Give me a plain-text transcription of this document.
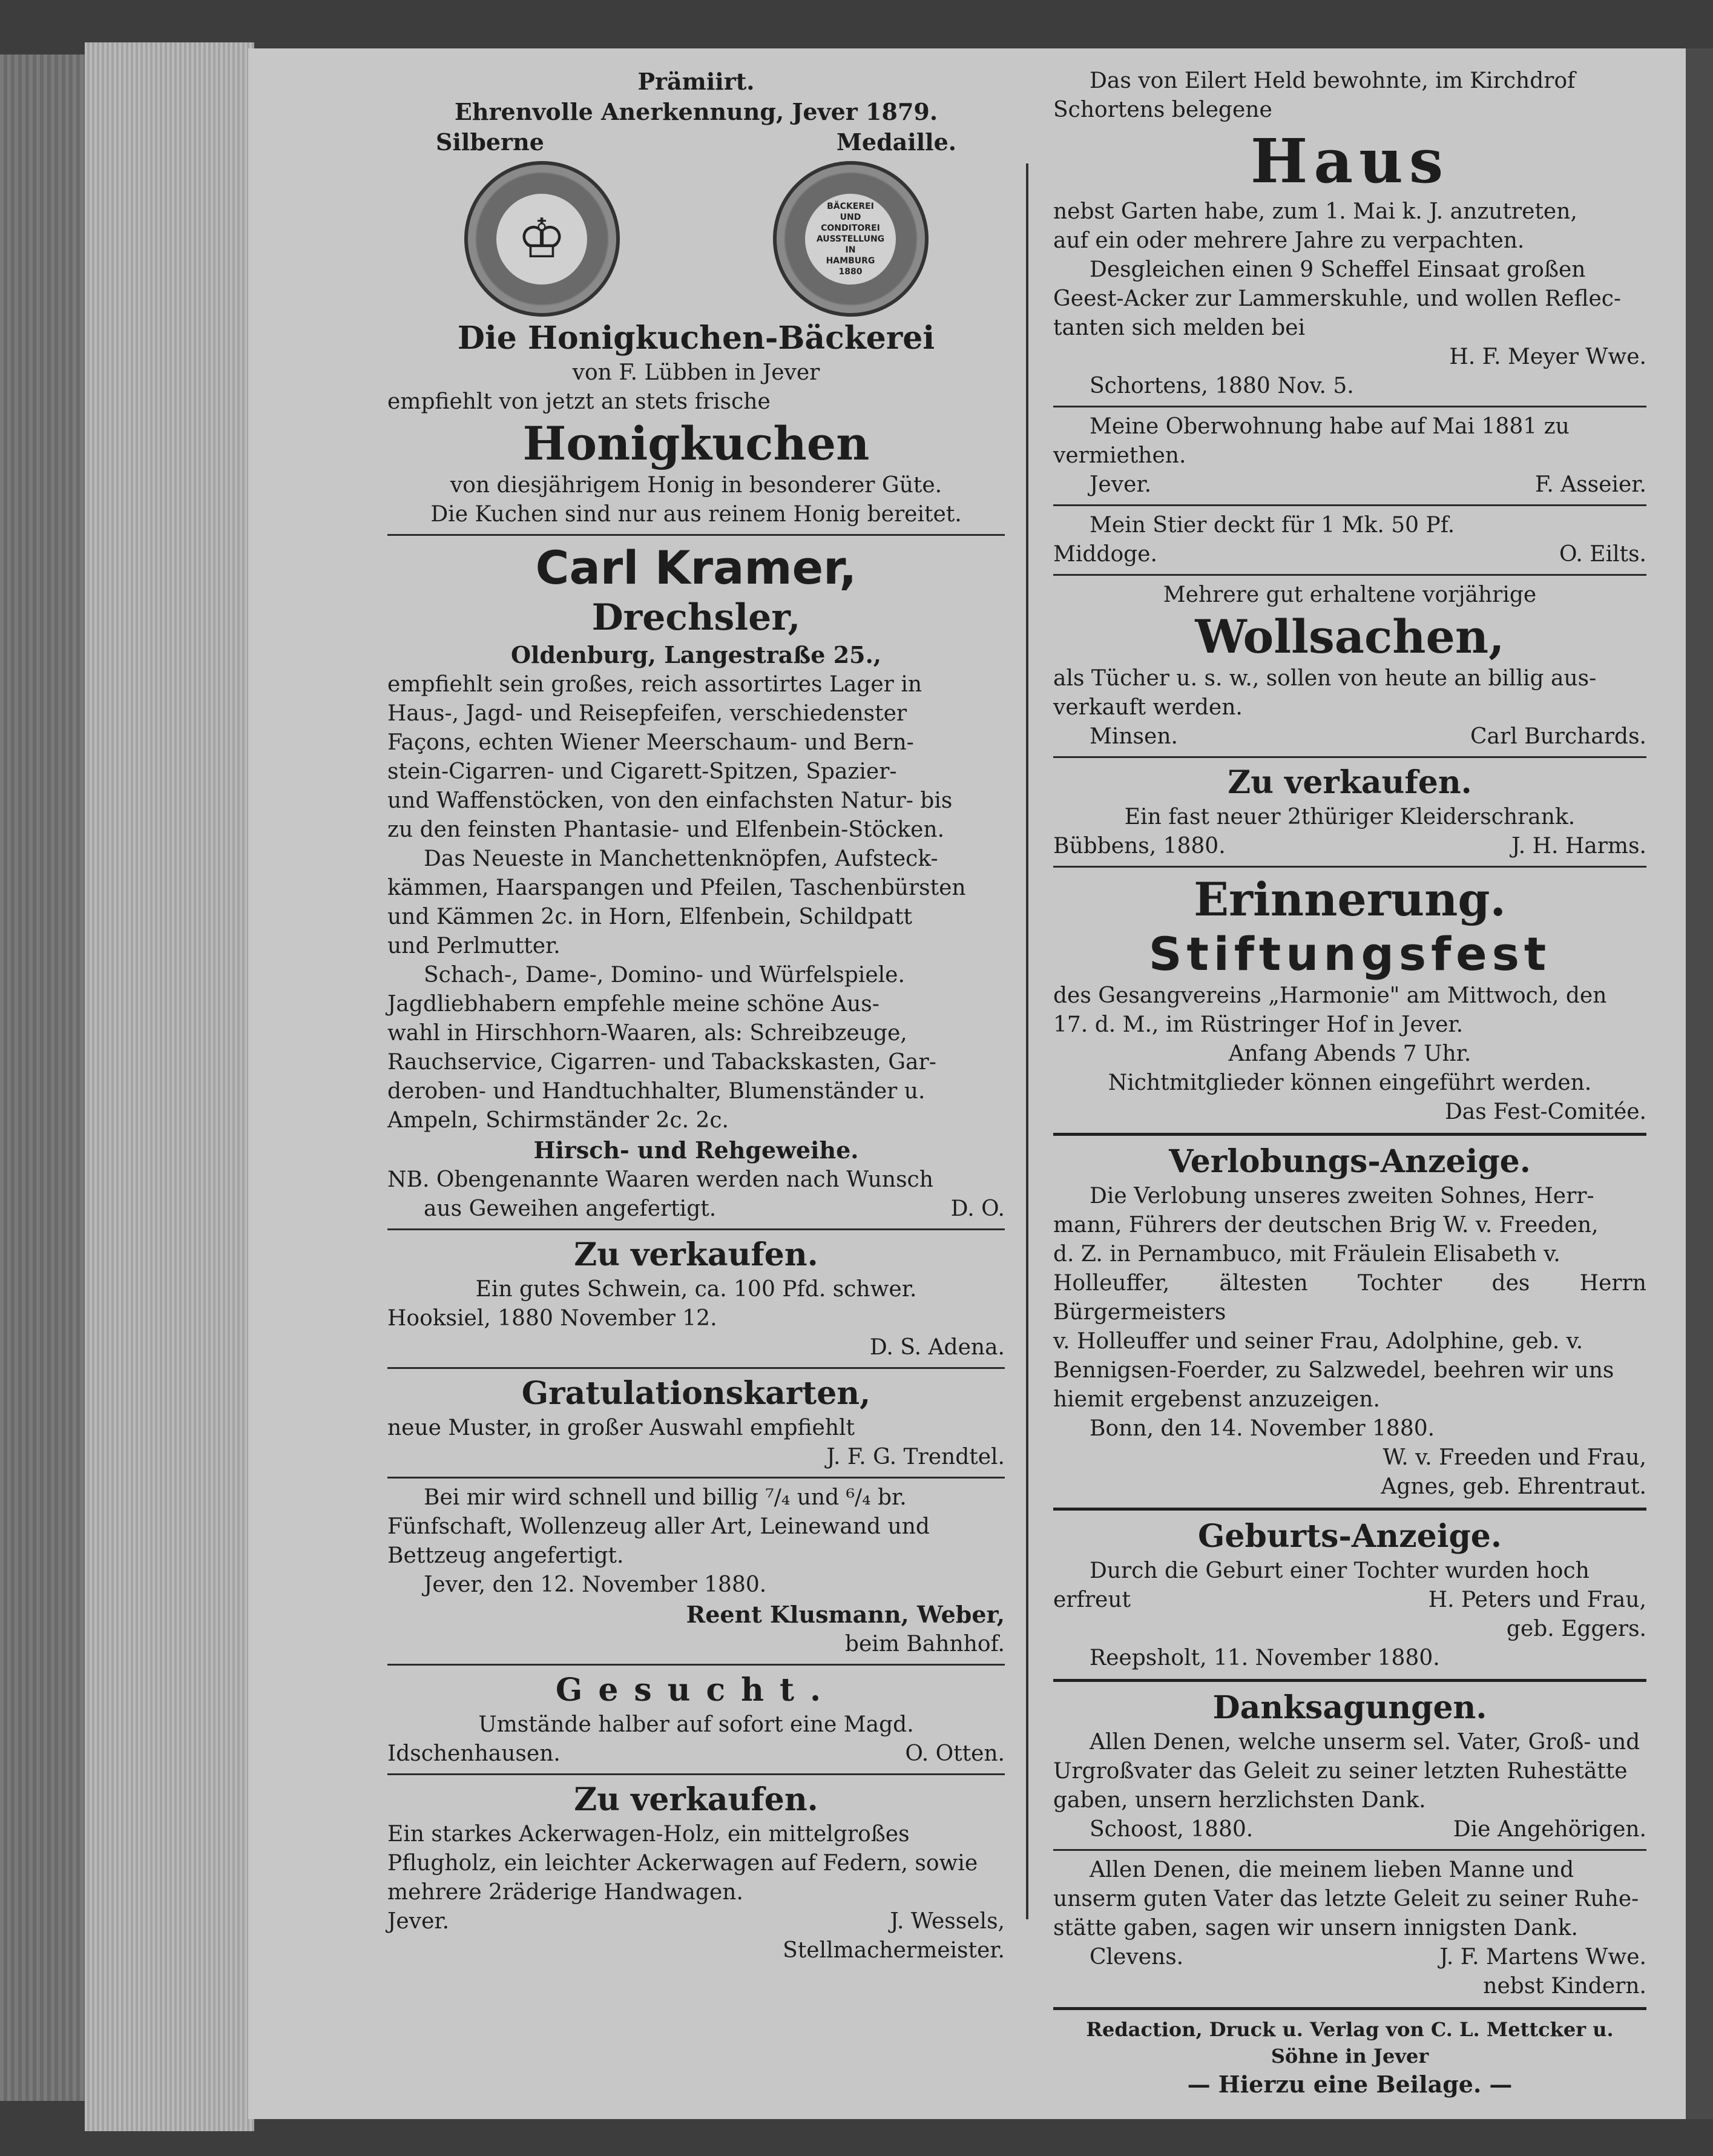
Prämiirt.

Ehrenvolle Anerkennung, Jever 1879.

Silberne	Medaille.
♔
BÄCKEREI
UND
CONDITOREI
AUSSTELLUNG
IN
HAMBURG
1880

Die Honigkuchen-Bäckerei

von F. Lübben in Jever

empfiehlt von jetzt an stets frische

Honigkuchen

von diesjährigem Honig in besonderer Güte.

Die Kuchen sind nur aus reinem Honig bereitet.

Carl Kramer,

Drechsler,

Oldenburg, Langestraße 25.,

empfiehlt sein großes, reich assortirtes Lager in

Haus-, Jagd- und Reisepfeifen, verschiedenster

Façons, echten Wiener Meerschaum- und Bern-

stein-Cigarren- und Cigarett-Spitzen, Spazier-

und Waffenstöcken, von den einfachsten Natur- bis

zu den feinsten Phantasie- und Elfenbein-Stöcken.

Das Neueste in Manchettenknöpfen, Aufsteck-

kämmen, Haarspangen und Pfeilen, Taschenbürsten

und Kämmen 2c. in Horn, Elfenbein, Schildpatt

und Perlmutter.

Schach-, Dame-, Domino- und Würfelspiele.

Jagdliebhabern empfehle meine schöne Aus-

wahl in Hirschhorn-Waaren, als: Schreibzeuge,

Rauchservice, Cigarren- und Tabackskasten, Gar-

deroben- und Handtuchhalter, Blumenständer u.

Ampeln, Schirmständer 2c. 2c.

Hirsch- und Rehgeweihe.

NB. Obengenannte Waaren werden nach Wunsch

aus Geweihen angefertigt.	D. O.

Zu verkaufen.

Ein gutes Schwein, ca. 100 Pfd. schwer.

Hooksiel, 1880 November 12.

D. S. Adena.

Gratulationskarten,

neue Muster, in großer Auswahl empfiehlt

J. F. G. Trendtel.

Bei mir wird schnell und billig ⁷/₄ und ⁶/₄ br.

Fünfschaft, Wollenzeug aller Art, Leinewand und

Bettzeug angefertigt.

Jever, den 12. November 1880.

Reent Klusmann, Weber,

beim Bahnhof.

Gesucht.

Umstände halber auf sofort eine Magd.

Idschenhausen.	O. Otten.

Zu verkaufen.

Ein starkes Ackerwagen-Holz, ein mittelgroßes

Pflugholz, ein leichter Ackerwagen auf Federn, sowie

mehrere 2räderige Handwagen.

Jever.	J. Wessels,

Stellmachermeister.

Das von Eilert Held bewohnte, im Kirchdrof

Schortens belegene

Haus

nebst Garten habe, zum 1. Mai k. J. anzutreten,

auf ein oder mehrere Jahre zu verpachten.

Desgleichen einen 9 Scheffel Einsaat großen

Geest-Acker zur Lammerskuhle, und wollen Reflec-

tanten sich melden bei

H. F. Meyer Wwe.

Schortens, 1880 Nov. 5.

Meine Oberwohnung habe auf Mai 1881 zu

vermiethen.

Jever.	F. Asseier.

Mein Stier deckt für 1 Mk. 50 Pf.

Middoge.	O. Eilts.

Mehrere gut erhaltene vorjährige

Wollsachen,

als Tücher u. s. w., sollen von heute an billig aus-

verkauft werden.

Minsen.	Carl Burchards.

Zu verkaufen.

Ein fast neuer 2thüriger Kleiderschrank.

Bübbens, 1880.	J. H. Harms.

Erinnerung.

Stiftungsfest

des Gesangvereins „Harmonie" am Mittwoch, den

17. d. M., im Rüstringer Hof in Jever.

Anfang Abends 7 Uhr.

Nichtmitglieder können eingeführt werden.

Das Fest-Comitée.

Verlobungs-Anzeige.

Die Verlobung unseres zweiten Sohnes, Herr-

mann, Führers der deutschen Brig W. v. Freeden,

d. Z. in Pernambuco, mit Fräulein Elisabeth v.

Holleuffer, ältesten Tochter des Herrn Bürgermeisters

v. Holleuffer und seiner Frau, Adolphine, geb. v.

Bennigsen-Foerder, zu Salzwedel, beehren wir uns

hiemit ergebenst anzuzeigen.

Bonn, den 14. November 1880.

W. v. Freeden und Frau,

Agnes, geb. Ehrentraut.

Geburts-Anzeige.

Durch die Geburt einer Tochter wurden hoch

erfreut	H. Peters und Frau,

geb. Eggers.

Reepsholt, 11. November 1880.

Danksagungen.

Allen Denen, welche unserm sel. Vater, Groß- und

Urgroßvater das Geleit zu seiner letzten Ruhestätte

gaben, unsern herzlichsten Dank.

Schoost, 1880.	Die Angehörigen.

Allen Denen, die meinem lieben Manne und

unserm guten Vater das letzte Geleit zu seiner Ruhe-

stätte gaben, sagen wir unsern innigsten Dank.

Clevens.	J. F. Martens Wwe.

nebst Kindern.

Redaction, Druck u. Verlag von C. L. Mettcker u. Söhne in Jever

— Hierzu eine Beilage. —
